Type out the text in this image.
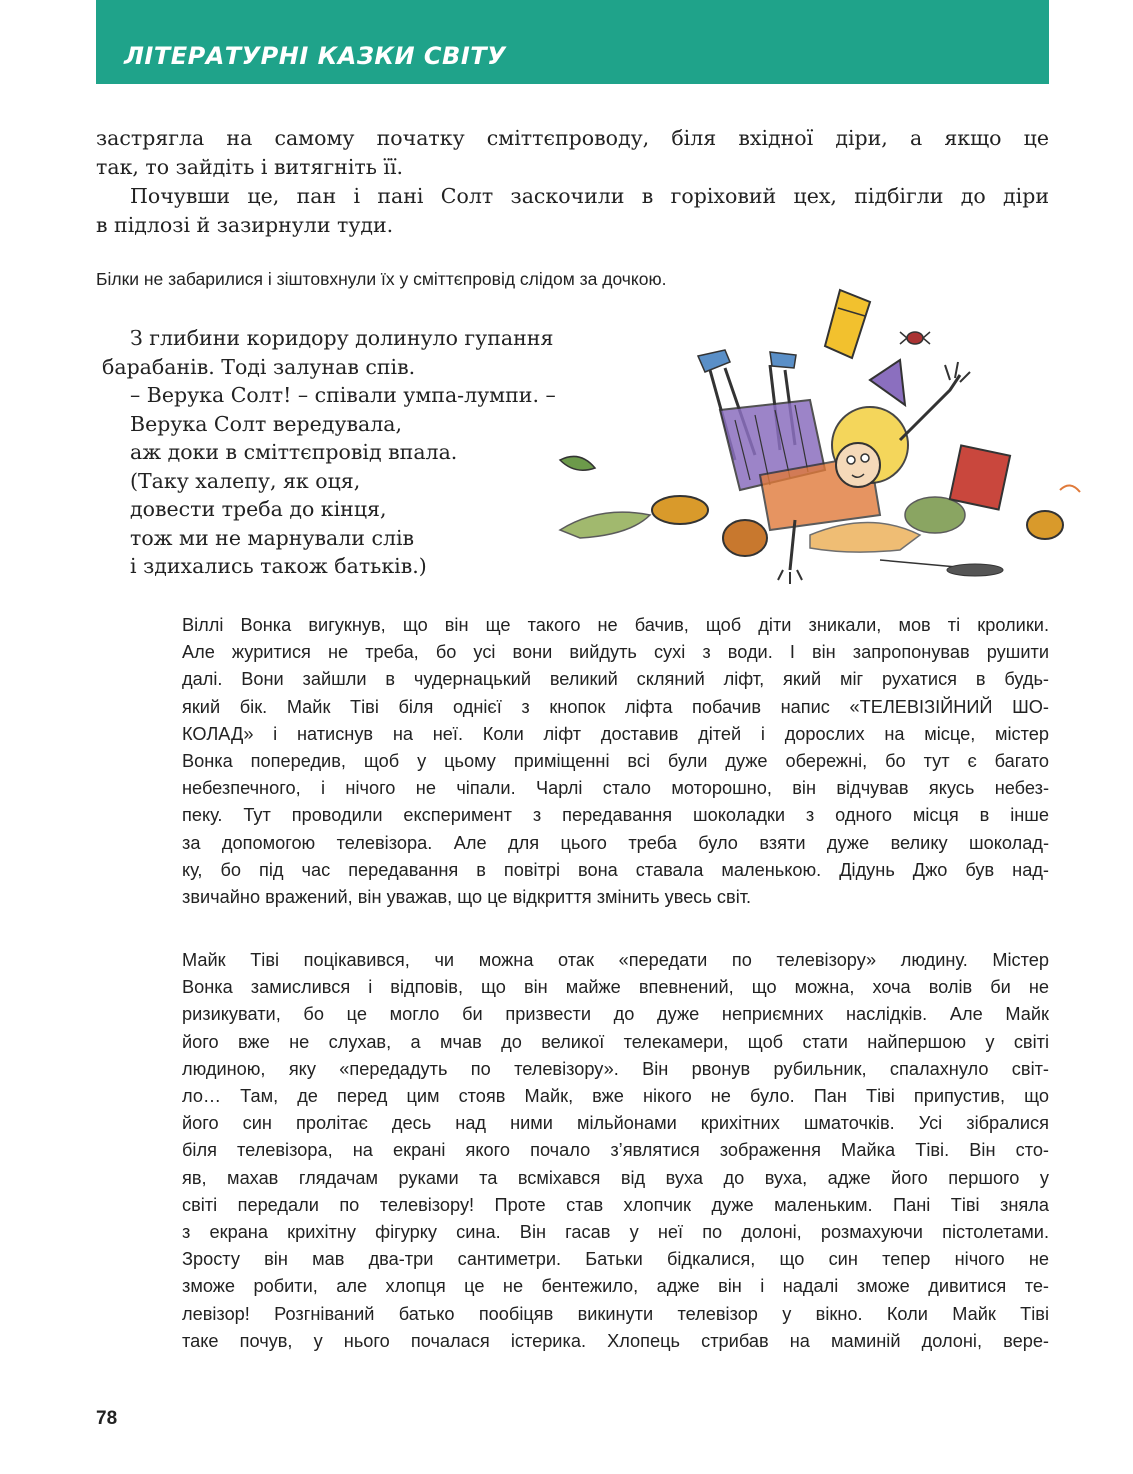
ЛІТЕРАТУРНІ КАЗКИ СВІТУ
застрягла на самому початку сміттєпроводу, біля вхідної діри, а якщо це
так, то зайдіть і витягніть її.
Почувши це, пан і пані Солт заскочили в горіховий цех, підбігли до діри
в підлозі й зазирнули туди.
Білки не забарилися і зіштовхнули їх у сміттєпровід слідом за дочкою.
З глибини коридору долинуло гупання
барабанів. Тоді залунав спів.
– Верука Солт! – співали умпа-лумпи. –
Верука Солт вередувала,
аж доки в сміттєпровід впала.
(Таку халепу, як оця,
довести треба до кінця,
тож ми не марнували слів
і здихались також батьків.)
Віллі Вонка вигукнув, що він ще такого не бачив, щоб діти зникали, мов ті кролики.
Але журитися не треба, бо усі вони вийдуть сухі з води. І він запропонував рушити
далі. Вони зайшли в чудернацький великий скляний ліфт, який міг рухатися в будь-
який бік. Майк Тіві біля однієї з кнопок ліфта побачив напис «ТЕЛЕВІЗІЙНИЙ ШО-
КОЛАД» і натиснув на неї. Коли ліфт доставив дітей і дорослих на місце, містер
Вонка попередив, щоб у цьому приміщенні всі були дуже обережні, бо тут є багато
небезпечного, і нічого не чіпали. Чарлі стало моторошно, він відчував якусь небез-
пеку. Тут проводили експеримент з передавання шоколадки з одного місця в інше
за допомогою телевізора. Але для цього треба було взяти дуже велику шоколад-
ку, бо під час передавання в повітрі вона ставала маленькою. Дідунь Джо був над-
звичайно вражений, він уважав, що це відкриття змінить увесь світ.
Майк Тіві поцікавився, чи можна отак «передати по телевізору» людину. Містер
Вонка замислився і відповів, що він майже впевнений, що можна, хоча волів би не
ризикувати, бо це могло би призвести до дуже неприємних наслідків. Але Майк
його вже не слухав, а мчав до великої телекамери, щоб стати найпершою у світі
людиною, яку «передадуть по телевізору». Він рвонув рубильник, спалахнуло світ-
ло… Там, де перед цим стояв Майк, вже нікого не було. Пан Тіві припустив, що
його син пролітає десь над ними мільйонами крихітних шматочків. Усі зібралися
біля телевізора, на екрані якого почало з’являтися зображення Майка Тіві. Він сто-
яв, махав глядачам руками та всміхався від вуха до вуха, адже його першого у
світі передали по телевізору! Проте став хлопчик дуже маленьким. Пані Тіві зняла
з екрана крихітну фігурку сина. Він гасав у неї по долоні, розмахуючи пістолетами.
Зросту він мав два-три сантиметри. Батьки бідкалися, що син тепер нічого не
зможе робити, але хлопця це не бентежило, адже він і надалі зможе дивитися те-
левізор! Розгніваний батько пообіцяв викинути телевізор у вікно. Коли Майк Тіві
таке почув, у нього почалася істерика. Хлопець стрибав на маминій долоні, вере-
78
